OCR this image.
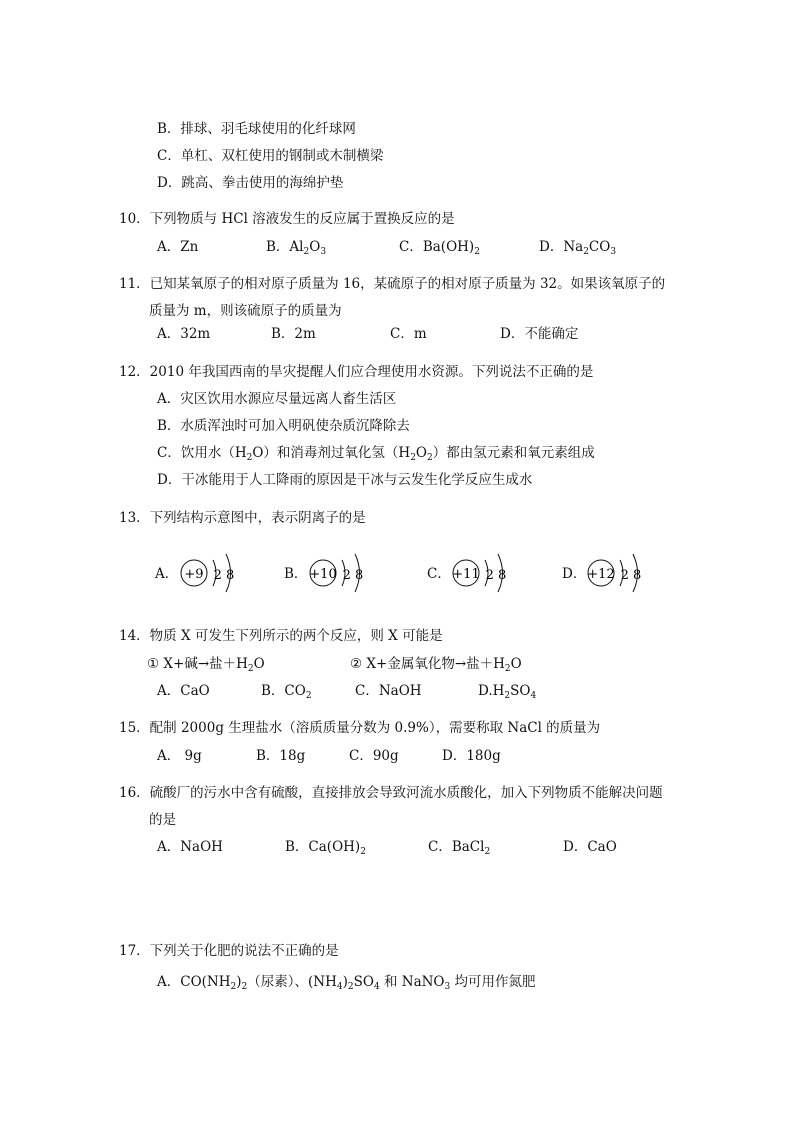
B．排球、羽毛球使用的化纤球网
C．单杠、双杠使用的钢制或木制横梁
D．跳高、拳击使用的海绵护垫
10．下列物质与 HCl 溶液发生的反应属于置换反应的是
A．Zn	B．$Al_2O_3$	C．$Ba(OH)_2$	D．$Na_2CO_3$
11．已知某氧原子的相对原子质量为 16，某硫原子的相对原子质量为 32。如果该氧原子的
质量为 m，则该硫原子的质量为
A．32m	B．2m	C．m	D．不能确定
12．2010 年我国西南的旱灾提醒人们应合理使用水资源。下列说法不正确的是
A．灾区饮用水源应尽量远离人畜生活区
B．水质浑浊时可加入明矾使杂质沉降除去
C．饮用水$(H_2O)$和消毒剂过氧化氢$(H_2O_2)$都由氢元素和氧元素组成
D．干冰能用于人工降雨的原因是干冰与云发生化学反应生成水
13．下列结构示意图中，表示阴离子的是
A． +9 2 8	B． +10 2 8	C． +11 2 8	D． +12 2 8
14．物质 X 可发生下列所示的两个反应，则 X 可能是
① X+碱→盐$+H_2O$	② X+金属氧化物→盐$+H_2O$
A．CaO	B．$CO_2$	C．NaOH	$D.H_2SO_4$
15．配制 2000g 生理盐水（溶质质量分数为 0.9%），需要称取 NaCl 的质量为
A． 9g	B．18g	C．90g	D．180g
16．硫酸厂的污水中含有硫酸，直接排放会导致河流水质酸化，加入下列物质不能解决问题
的是
A．NaOH	B．$Ca(OH)_2$	C．BaCl$_2$	D．CaO
17．下列关于化肥的说法不正确的是
A．$CO(NH_2)_2$（尿素）、$(NH_4)_2SO_4$ 和 NaNO$_3$ 均可用作氮肥
